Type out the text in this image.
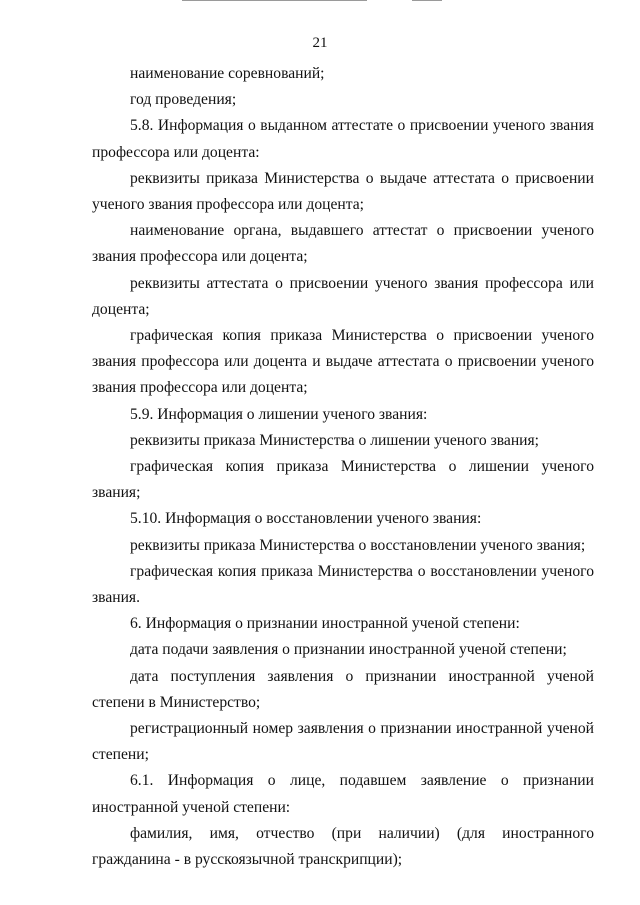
21

наименование соревнований;

год проведения;

5.8. Информация о выданном аттестате о присвоении ученого звания профессора или доцента:

реквизиты приказа Министерства о выдаче аттестата о присвоении ученого звания профессора или доцента;

наименование органа, выдавшего аттестат о присвоении ученого звания профессора или доцента;

реквизиты аттестата о присвоении ученого звания профессора или доцента;

графическая копия приказа Министерства о присвоении ученого звания профессора или доцента и выдаче аттестата о присвоении ученого звания профессора или доцента;

5.9. Информация о лишении ученого звания:

реквизиты приказа Министерства о лишении ученого звания;

графическая копия приказа Министерства о лишении ученого звания;

5.10. Информация о восстановлении ученого звания:

реквизиты приказа Министерства о восстановлении ученого звания;

графическая копия приказа Министерства о восстановлении ученого звания.

6. Информация о признании иностранной ученой степени:

дата подачи заявления о признании иностранной ученой степени;

дата поступления заявления о признании иностранной ученой степени в Министерство;

регистрационный номер заявления о признании иностранной ученой степени;

6.1. Информация о лице, подавшем заявление о признании иностранной ученой степени:

фамилия, имя, отчество (при наличии) (для иностранного гражданина - в русскоязычной транскрипции);
